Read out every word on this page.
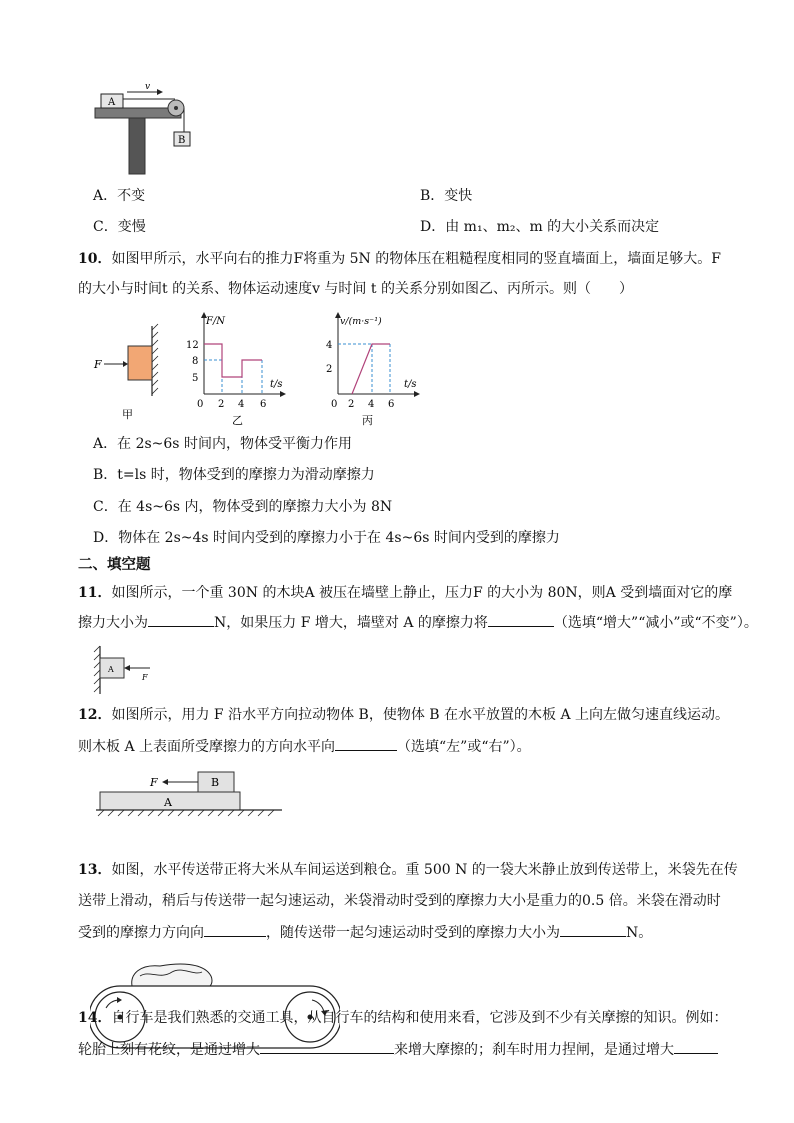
A
v
B
A．不变	B．变快
C．变慢	D．由 m₁、m₂、m 的大小关系而决定
10．如图甲所示，水平向右的推力F将重为 5N 的物体压在粗糙程度相同的竖直墙面上，墙面足够大。F
的大小与时间t 的关系、物体运动速度v 与时间 t 的关系分别如图乙、丙所示。则（　　）
F
甲
F/N
t/s
12
8
5
0 2 4 6
乙
v/(m·s⁻¹)
t/s
4
2
0 2 4 6
丙
A．在 2s~6s 时间内，物体受平衡力作用
B．t=ls 时，物体受到的摩擦力为滑动摩擦力
C．在 4s~6s 内，物体受到的摩擦力大小为 8N
D．物体在 2s~4s 时间内受到的摩擦力小于在 4s~6s 时间内受到的摩擦力
二、填空题
11．如图所示，一个重 30N 的木块A 被压在墙壁上静止，压力F 的大小为 80N，则A 受到墙面对它的摩
擦力大小为	N，如果压力 F 增大，墙壁对 A 的摩擦力将	（选填“增大”“减小”或“不变”）。
A
F
12．如图所示，用力 F 沿水平方向拉动物体 B，使物体 B 在水平放置的木板 A 上向左做匀速直线运动。
则木板 A 上表面所受摩擦力的方向水平向	（选填“左”或“右”）。
A
B
F
13．如图，水平传送带正将大米从车间运送到粮仓。重 500 N 的一袋大米静止放到传送带上，米袋先在传
送带上滑动，稍后与传送带一起匀速运动，米袋滑动时受到的摩擦力大小是重力的0.5 倍。米袋在滑动时
受到的摩擦力方向向	，随传送带一起匀速运动时受到的摩擦力大小为	N。
14．自行车是我们熟悉的交通工具，从自行车的结构和使用来看，它涉及到不少有关摩擦的知识。例如：
轮胎上刻有花纹，是通过增大	来增大摩擦的；刹车时用力捏闸，是通过增大
